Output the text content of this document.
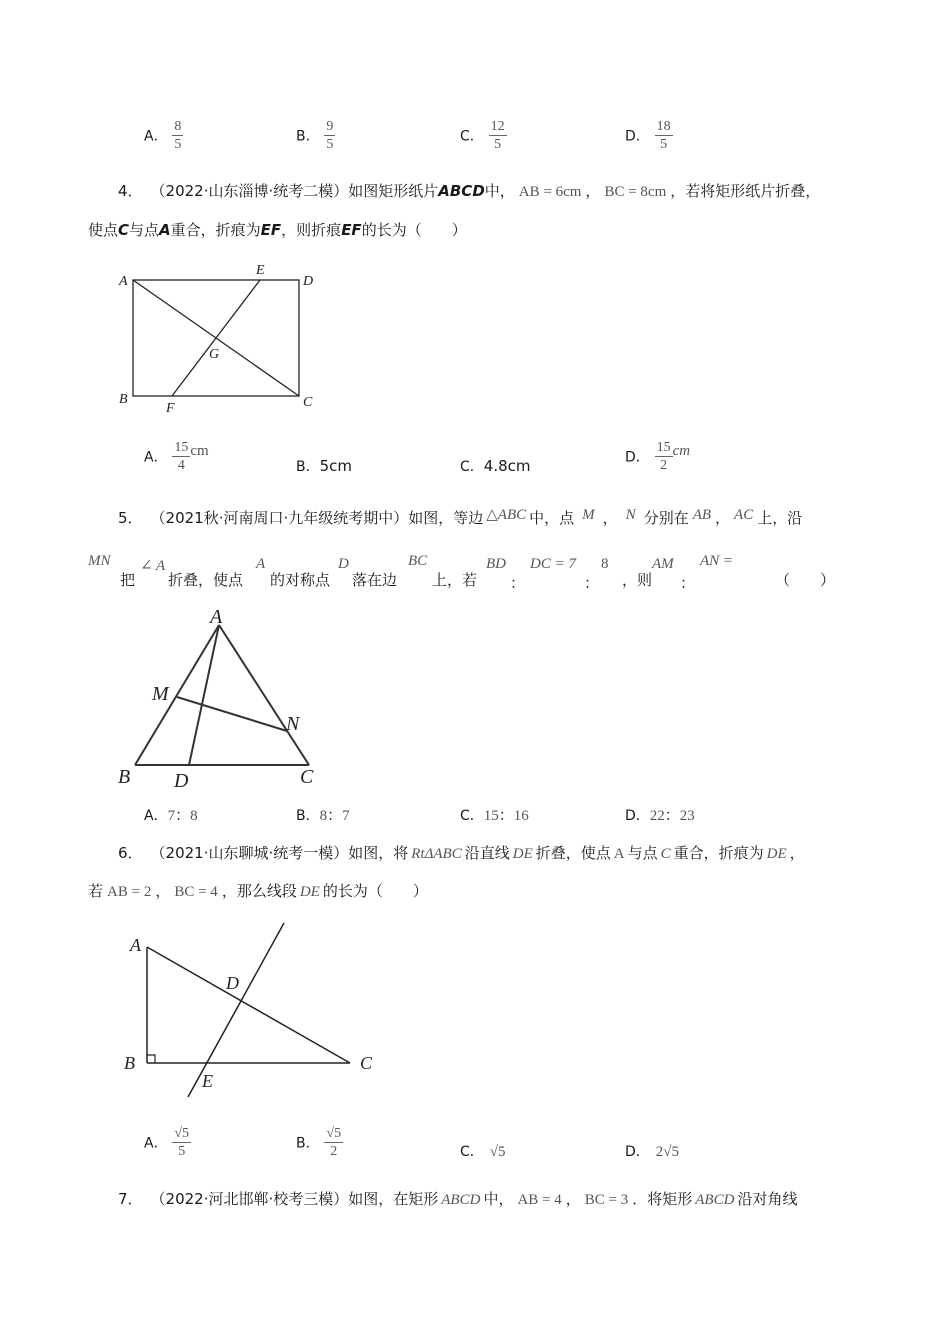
A． $\frac{8}{5}$	B． $\frac{9}{5}$	C． $\frac{12}{5}$	D． $\frac{18}{5}$
4． （2022·山东淄博·统考二模）如图矩形纸片ABCD中， AB = 6cm ， BC = 8cm ，若将矩形纸片折叠，
使点C与点A重合，折痕为EF，则折痕EF的长为（　　）
A	D
E
G
B
F	C
A． $\frac{15}{4}$ cm
B．5cm	C．4.8cm	D． $\frac{15}{2}$ cm
5． （2021秋·河南周口·九年级统考期中）如图，等边 △ABC 中，点 M ， N 分别在 AB ， AC 上，沿
MN
把
∠ A
折叠，使点
A
的对称点
D
落在边
BC
上，若
BD
：
DC = 7
：
8
，则
AM
：
AN =
（　　）
A
M
N
B D	C
A．7：8	B．8：7	C．15：16	D．22：23
6． （2021·山东聊城·统考一模）如图，将 RtΔABC 沿直线 DE 折叠，使点 A 与点 C 重合，折痕为 DE ，
若 AB = 2 ， BC = 4 ，那么线段 DE 的长为（　　）
A
D
B
E
C
A． $\frac{√5}{5}$	B． $\frac{√5}{2}$	C． √5	D． 2√5
7． （2022·河北邯郸·校考三模）如图，在矩形 ABCD 中， AB = 4 ， BC = 3 ．将矩形 ABCD 沿对角线
